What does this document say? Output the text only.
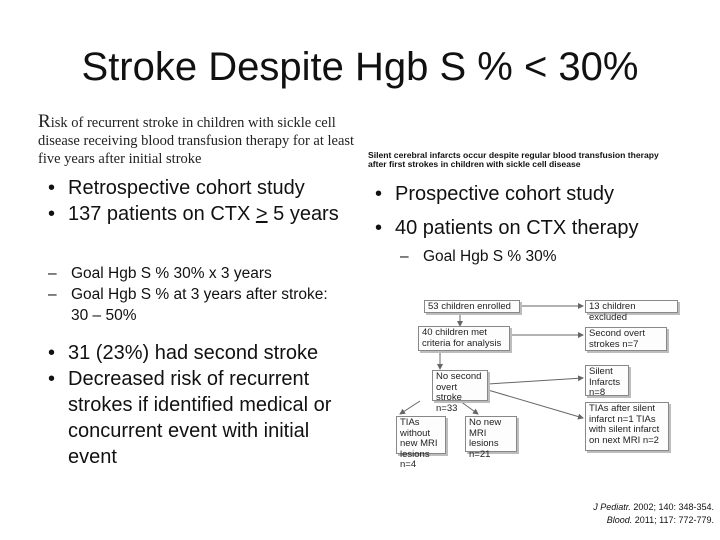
Stroke Despite Hgb S % < 30%
Risk of recurrent stroke in children with sickle cell disease receiving blood transfusion therapy for at least five years after initial stroke	Silent cerebral infarcts occur despite regular blood transfusion therapy after first strokes in children with sickle cell disease
• Retrospective cohort study
• 137 patients on CTX ≥ 5 years
– Goal Hgb S % 30% x 3 years
– Goal Hgb S % at 3 years after stroke: 30 – 50%
• 31 (23%) had second stroke
• Decreased risk of recurrent strokes if identified medical or concurrent event with initial event
• Prospective cohort study
• 40 patients on CTX therapy
– Goal Hgb S % 30%
53 children enrolled	13 children excluded
40 children met criteria for analysis
Second overt strokes n=7
No second overt stroke n=33
Silent Infarcts n=8
TIAs after silent infarct n=1 TIAs with silent infarct on next MRI n=2
TIAs without new MRI lesions n=4
No new MRI lesions n=21
J Pediatr. 2002; 140: 348-354.
Blood. 2011; 117: 772-779.
